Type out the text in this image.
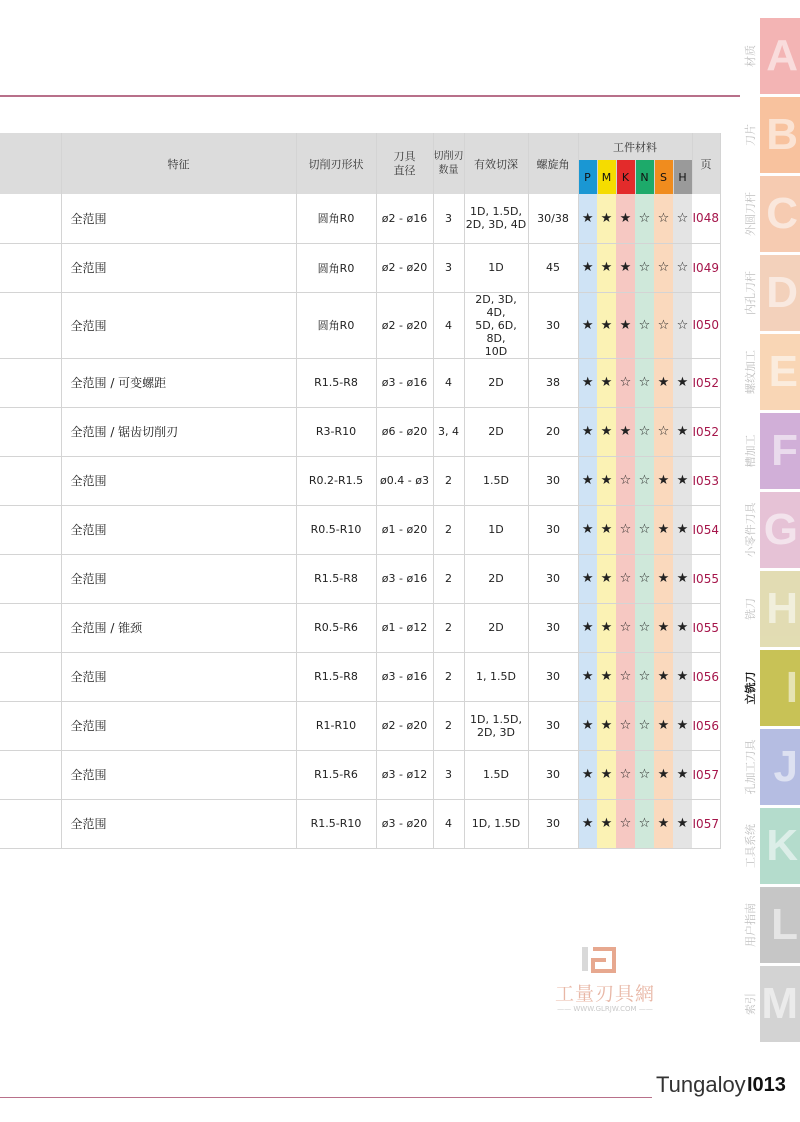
	特征	切削刃形状	刀具
直径	切削刃
数量	有效切深	螺旋角	工件材料						页
							P	M	K	N	S	H	
	全范围	圆角R0	ø2 - ø16	3	1D, 1.5D,
2D, 3D, 4D	30/38	★	★	★	☆	☆	☆	I048
	全范围	圆角R0	ø2 - ø20	3	1D	45	★	★	★	☆	☆	☆	I049
	全范围	圆角R0	ø2 - ø20	4	2D, 3D, 4D,
5D, 6D, 8D,
10D	30	★	★	★	☆	☆	☆	I050
	全范围 / 可变螺距	R1.5-R8	ø3 - ø16	4	2D	38	★	★	☆	☆	★	★	I052
	全范围 / 锯齿切削刃	R3-R10	ø6 - ø20	3, 4	2D	20	★	★	★	☆	☆	★	I052
	全范围	R0.2-R1.5	ø0.4 - ø3	2	1.5D	30	★	★	☆	☆	★	★	I053
	全范围	R0.5-R10	ø1 - ø20	2	1D	30	★	★	☆	☆	★	★	I054
	全范围	R1.5-R8	ø3 - ø16	2	2D	30	★	★	☆	☆	★	★	I055
	全范围 / 锥颈	R0.5-R6	ø1 - ø12	2	2D	30	★	★	☆	☆	★	★	I055
	全范围	R1.5-R8	ø3 - ø16	2	1, 1.5D	30	★	★	☆	☆	★	★	I056
	全范围	R1-R10	ø2 - ø20	2	1D, 1.5D,
2D, 3D	30	★	★	☆	☆	★	★	I056
	全范围	R1.5-R6	ø3 - ø12	3	1.5D	30	★	★	☆	☆	★	★	I057
	全范围	R1.5-R10	ø3 - ø20	4	1D, 1.5D	30	★	★	☆	☆	★	★	I057
A
材质
B
刀片
C
外圆刀杆
D
内孔刀杆
E
螺纹加工
F
槽加工
G
小零件刀具
H
铣刀
I
立铣刀
J
孔加工刀具
K
工具系统
L
用户指南
M
索引
工量刃具網
—— WWW.GLRJW.COM ——
Tungaloy I013
